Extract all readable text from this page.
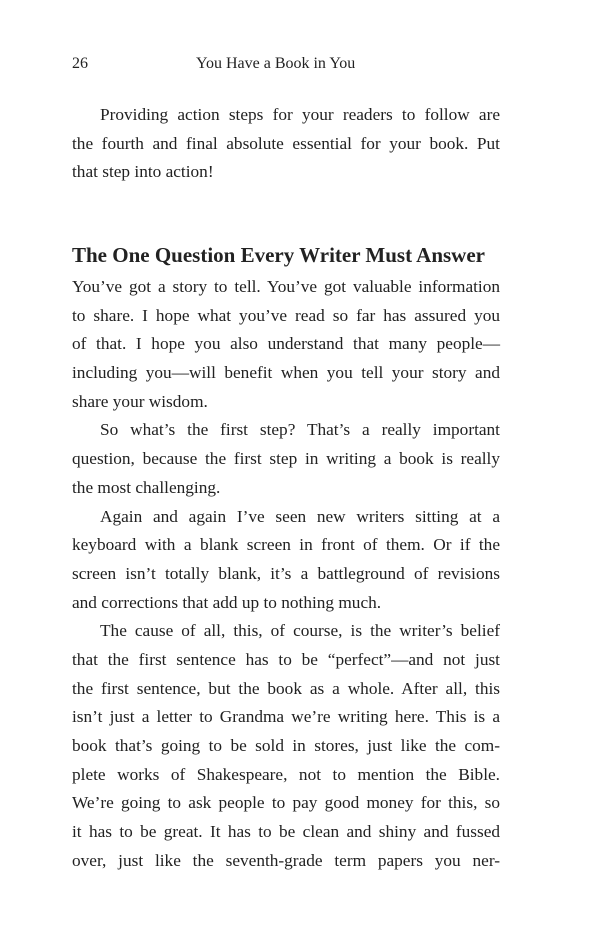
26	You Have a Book in You
Providing action steps for your readers to follow are
the fourth and final absolute essential for your book. Put
that step into action!
The One Question Every Writer Must Answer
You’ve got a story to tell. You’ve got valuable information
to share. I hope what you’ve read so far has assured you
of that. I hope you also understand that many people—
including you—will benefit when you tell your story and
share your wisdom.
So what’s the first step? That’s a really important
question, because the first step in writing a book is really
the most challenging.
Again and again I’ve seen new writers sitting at a
keyboard with a blank screen in front of them. Or if the
screen isn’t totally blank, it’s a battleground of revisions
and corrections that add up to nothing much.
The cause of all, this, of course, is the writer’s belief
that the first sentence has to be “perfect”—and not just
the first sentence, but the book as a whole. After all, this
isn’t just a letter to Grandma we’re writing here. This is a
book that’s going to be sold in stores, just like the com-
plete works of Shakespeare, not to mention the Bible.
We’re going to ask people to pay good money for this, so
it has to be great. It has to be clean and shiny and fussed
over, just like the seventh-grade term papers you ner-
